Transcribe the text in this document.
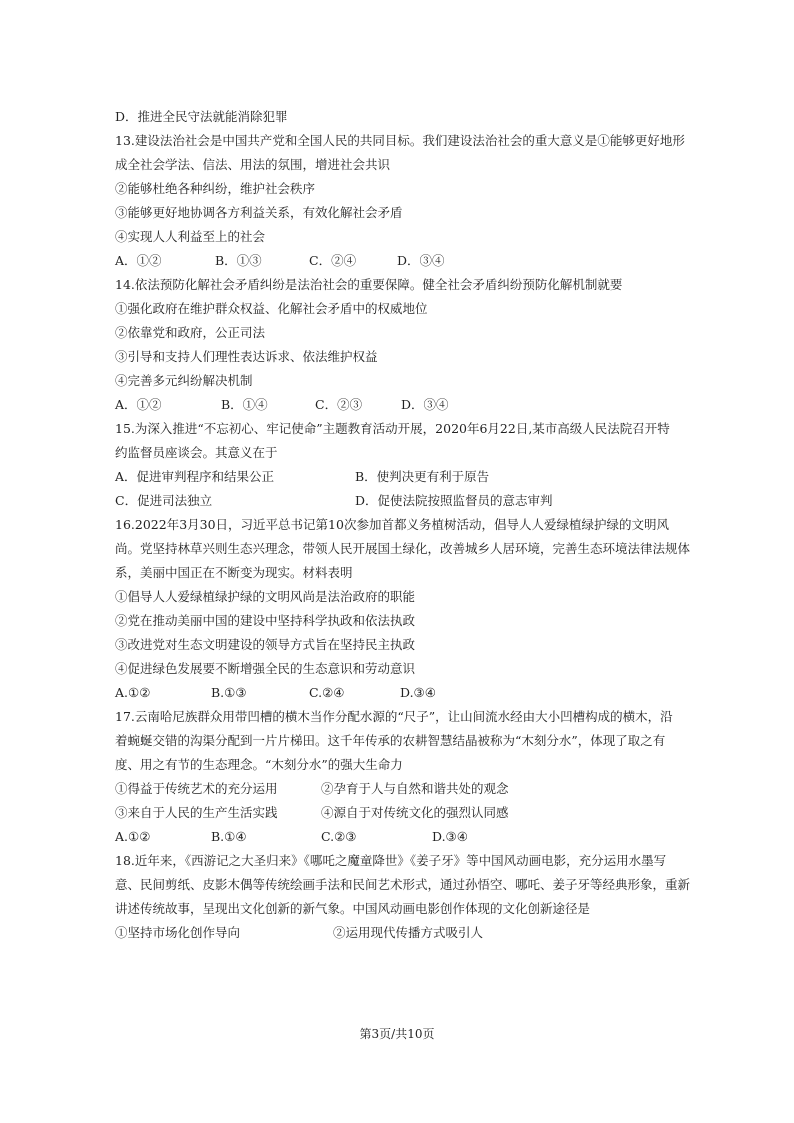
D．推进全民守法就能消除犯罪
13.建设法治社会是中国共产党和全国人民的共同目标。我们建设法治社会的重大意义是①能够更好地形
成全社会学法、信法、用法的氛围，增进社会共识
②能够杜绝各种纠纷，维护社会秩序
③能够更好地协调各方利益关系，有效化解社会矛盾
④实现人人利益至上的社会
A．①②	B．①③	C．②④	D．③④
14.依法预防化解社会矛盾纠纷是法治社会的重要保障。健全社会矛盾纠纷预防化解机制就要
①强化政府在维护群众权益、化解社会矛盾中的权威地位
②依靠党和政府，公正司法
③引导和支持人们理性表达诉求、依法维护权益
④完善多元纠纷解决机制
A．①②	B．①④	C．②③	D．③④
15.为深入推进“不忘初心、牢记使命”主题教育活动开展，2020年6月22日,某市高级人民法院召开特
约监督员座谈会。其意义在于
A．促进审判程序和结果公正	B．使判决更有利于原告
C．促进司法独立	D．促使法院按照监督员的意志审判
16.2022年3月30日，习近平总书记第10次参加首都义务植树活动，倡导人人爱绿植绿护绿的文明风
尚。党坚持林草兴则生态兴理念，带领人民开展国土绿化，改善城乡人居环境，完善生态环境法律法规体
系，美丽中国正在不断变为现实。材料表明
①倡导人人爱绿植绿护绿的文明风尚是法治政府的职能
②党在推动美丽中国的建设中坚持科学执政和依法执政
③改进党对生态文明建设的领导方式旨在坚持民主执政
④促进绿色发展要不断增强全民的生态意识和劳动意识
A.①②	B.①③	C.②④	D.③④
17.云南哈尼族群众用带凹槽的横木当作分配水源的“尺子”，让山间流水经由大小凹槽构成的横木，沿
着蜿蜒交错的沟渠分配到一片片梯田。这千年传承的农耕智慧结晶被称为“木刻分水”，体现了取之有
度、用之有节的生态理念。“木刻分水”的强大生命力
①得益于传统艺术的充分运用	②孕育于人与自然和谐共处的观念
③来自于人民的生产生活实践	④源自于对传统文化的强烈认同感
A.①②	B.①④	C.②③	D.③④
18.近年来，《西游记之大圣归来》《哪吒之魔童降世》《姜子牙》等中国风动画电影，充分运用水墨写
意、民间剪纸、皮影木偶等传统绘画手法和民间艺术形式，通过孙悟空、哪吒、姜子牙等经典形象，重新
讲述传统故事，呈现出文化创新的新气象。中国风动画电影创作体现的文化创新途径是
①坚持市场化创作导向	②运用现代传播方式吸引人
第3页/共10页
